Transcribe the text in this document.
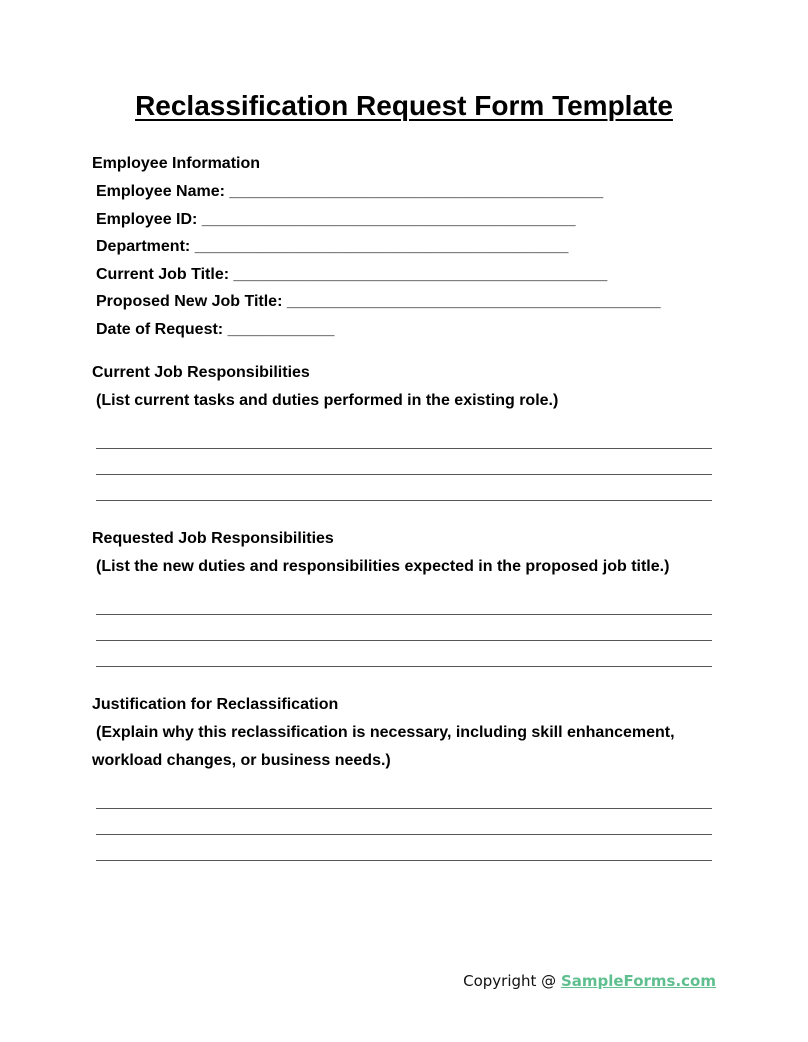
Reclassification Request Form Template

Employee Information

Employee Name: __________________________________________
Employee ID: __________________________________________
Department: __________________________________________
Current Job Title: __________________________________________
Proposed New Job Title: __________________________________________
Date of Request: ____________

Current Job Responsibilities

(List current tasks and duties performed in the existing role.)

Requested Job Responsibilities

(List the new duties and responsibilities expected in the proposed job title.)

Justification for Reclassification

(Explain why this reclassification is necessary, including skill enhancement,

workload changes, or business needs.)

Copyright @ SampleForms.com
